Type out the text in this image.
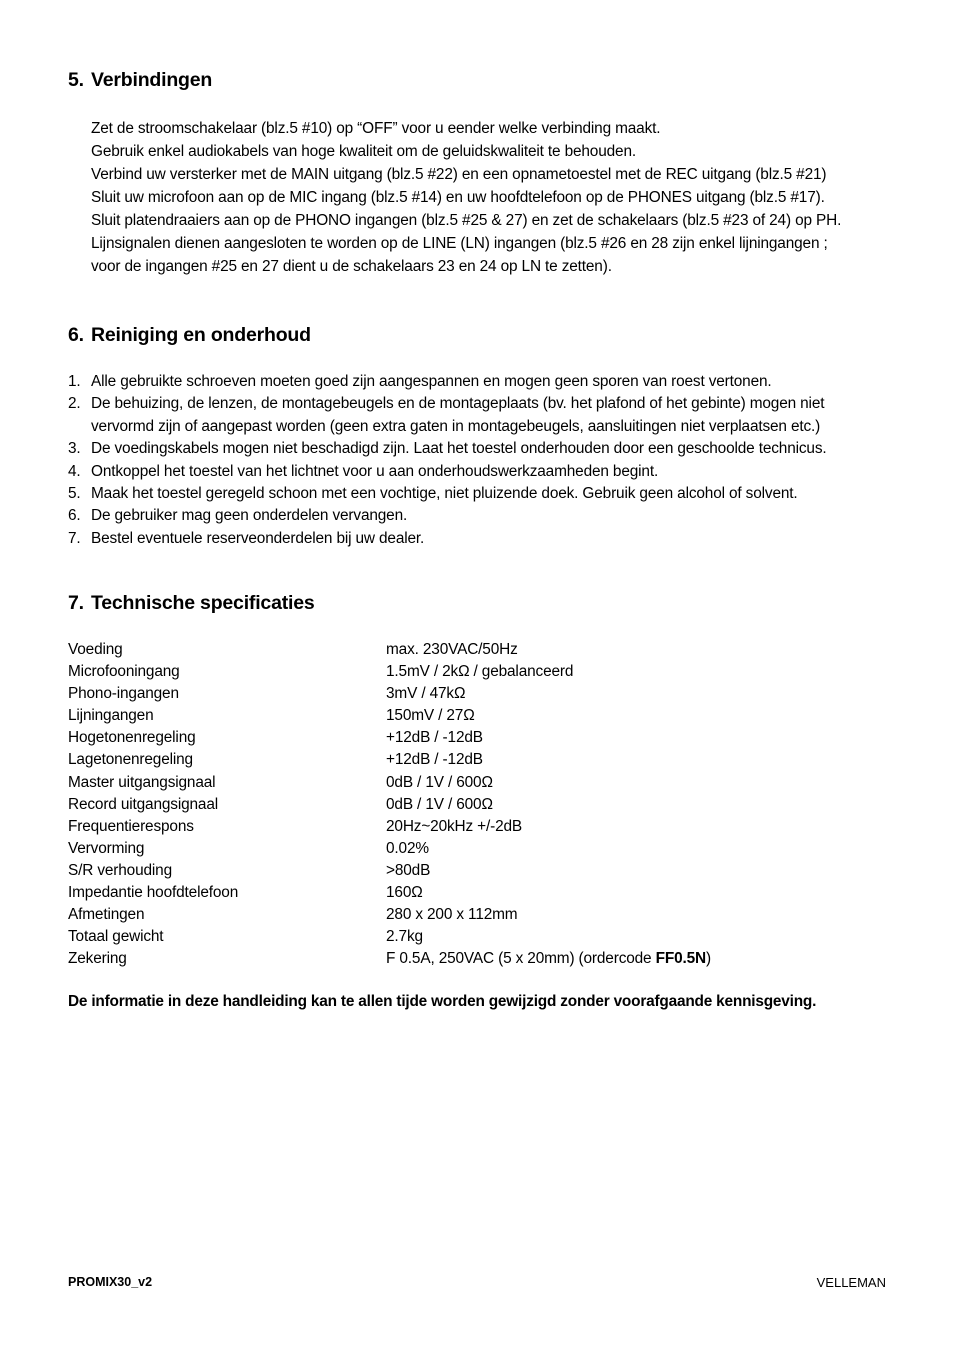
5. Verbindingen
Zet de stroomschakelaar (blz.5 #10) op “OFF” voor u eender welke verbinding maakt.
Gebruik enkel audiokabels van hoge kwaliteit om de geluidskwaliteit te behouden.
Verbind uw versterker met de MAIN uitgang (blz.5 #22) en een opnametoestel met de REC uitgang (blz.5 #21)
Sluit uw microfoon aan op de MIC ingang (blz.5 #14) en uw hoofdtelefoon op de PHONES uitgang (blz.5 #17).
Sluit platendraaiers aan op de PHONO ingangen (blz.5 #25 & 27) en zet de schakelaars (blz.5 #23 of 24) op PH.
Lijnsignalen dienen aangesloten te worden op de LINE (LN) ingangen (blz.5 #26 en 28 zijn enkel lijningangen ;
voor de ingangen #25 en 27 dient u de schakelaars 23 en 24 op LN te zetten).
6. Reiniging en onderhoud
1. Alle gebruikte schroeven moeten goed zijn aangespannen en mogen geen sporen van roest vertonen.
2. De behuizing, de lenzen, de montagebeugels en de montageplaats (bv. het plafond of het gebinte) mogen niet
vervormd zijn of aangepast worden (geen extra gaten in montagebeugels, aansluitingen niet verplaatsen etc.)
3. De voedingskabels mogen niet beschadigd zijn. Laat het toestel onderhouden door een geschoolde technicus.
4. Ontkoppel het toestel van het lichtnet voor u aan onderhoudswerkzaamheden begint.
5. Maak het toestel geregeld schoon met een vochtige, niet pluizende doek. Gebruik geen alcohol of solvent.
6. De gebruiker mag geen onderdelen vervangen.
7. Bestel eventuele reserveonderdelen bij uw dealer.
7. Technische specificaties
Voeding	max. 230VAC/50Hz
Microfooningang	1.5mV / 2kΩ / gebalanceerd
Phono-ingangen	3mV / 47kΩ
Lijningangen	150mV / 27Ω
Hogetonenregeling	+12dB / -12dB
Lagetonenregeling	+12dB / -12dB
Master uitgangsignaal	0dB / 1V / 600Ω
Record uitgangsignaal	0dB / 1V / 600Ω
Frequentierespons	20Hz~20kHz +/-2dB
Vervorming	0.02%
S/R verhouding	>80dB
Impedantie hoofdtelefoon	160Ω
Afmetingen	280 x 200 x 112mm
Totaal gewicht	2.7kg
Zekering	F 0.5A, 250VAC (5 x 20mm) (ordercode FF0.5N)
De informatie in deze handleiding kan te allen tijde worden gewijzigd zonder voorafgaande kennisgeving.
PROMIX30_v2	VELLEMAN
